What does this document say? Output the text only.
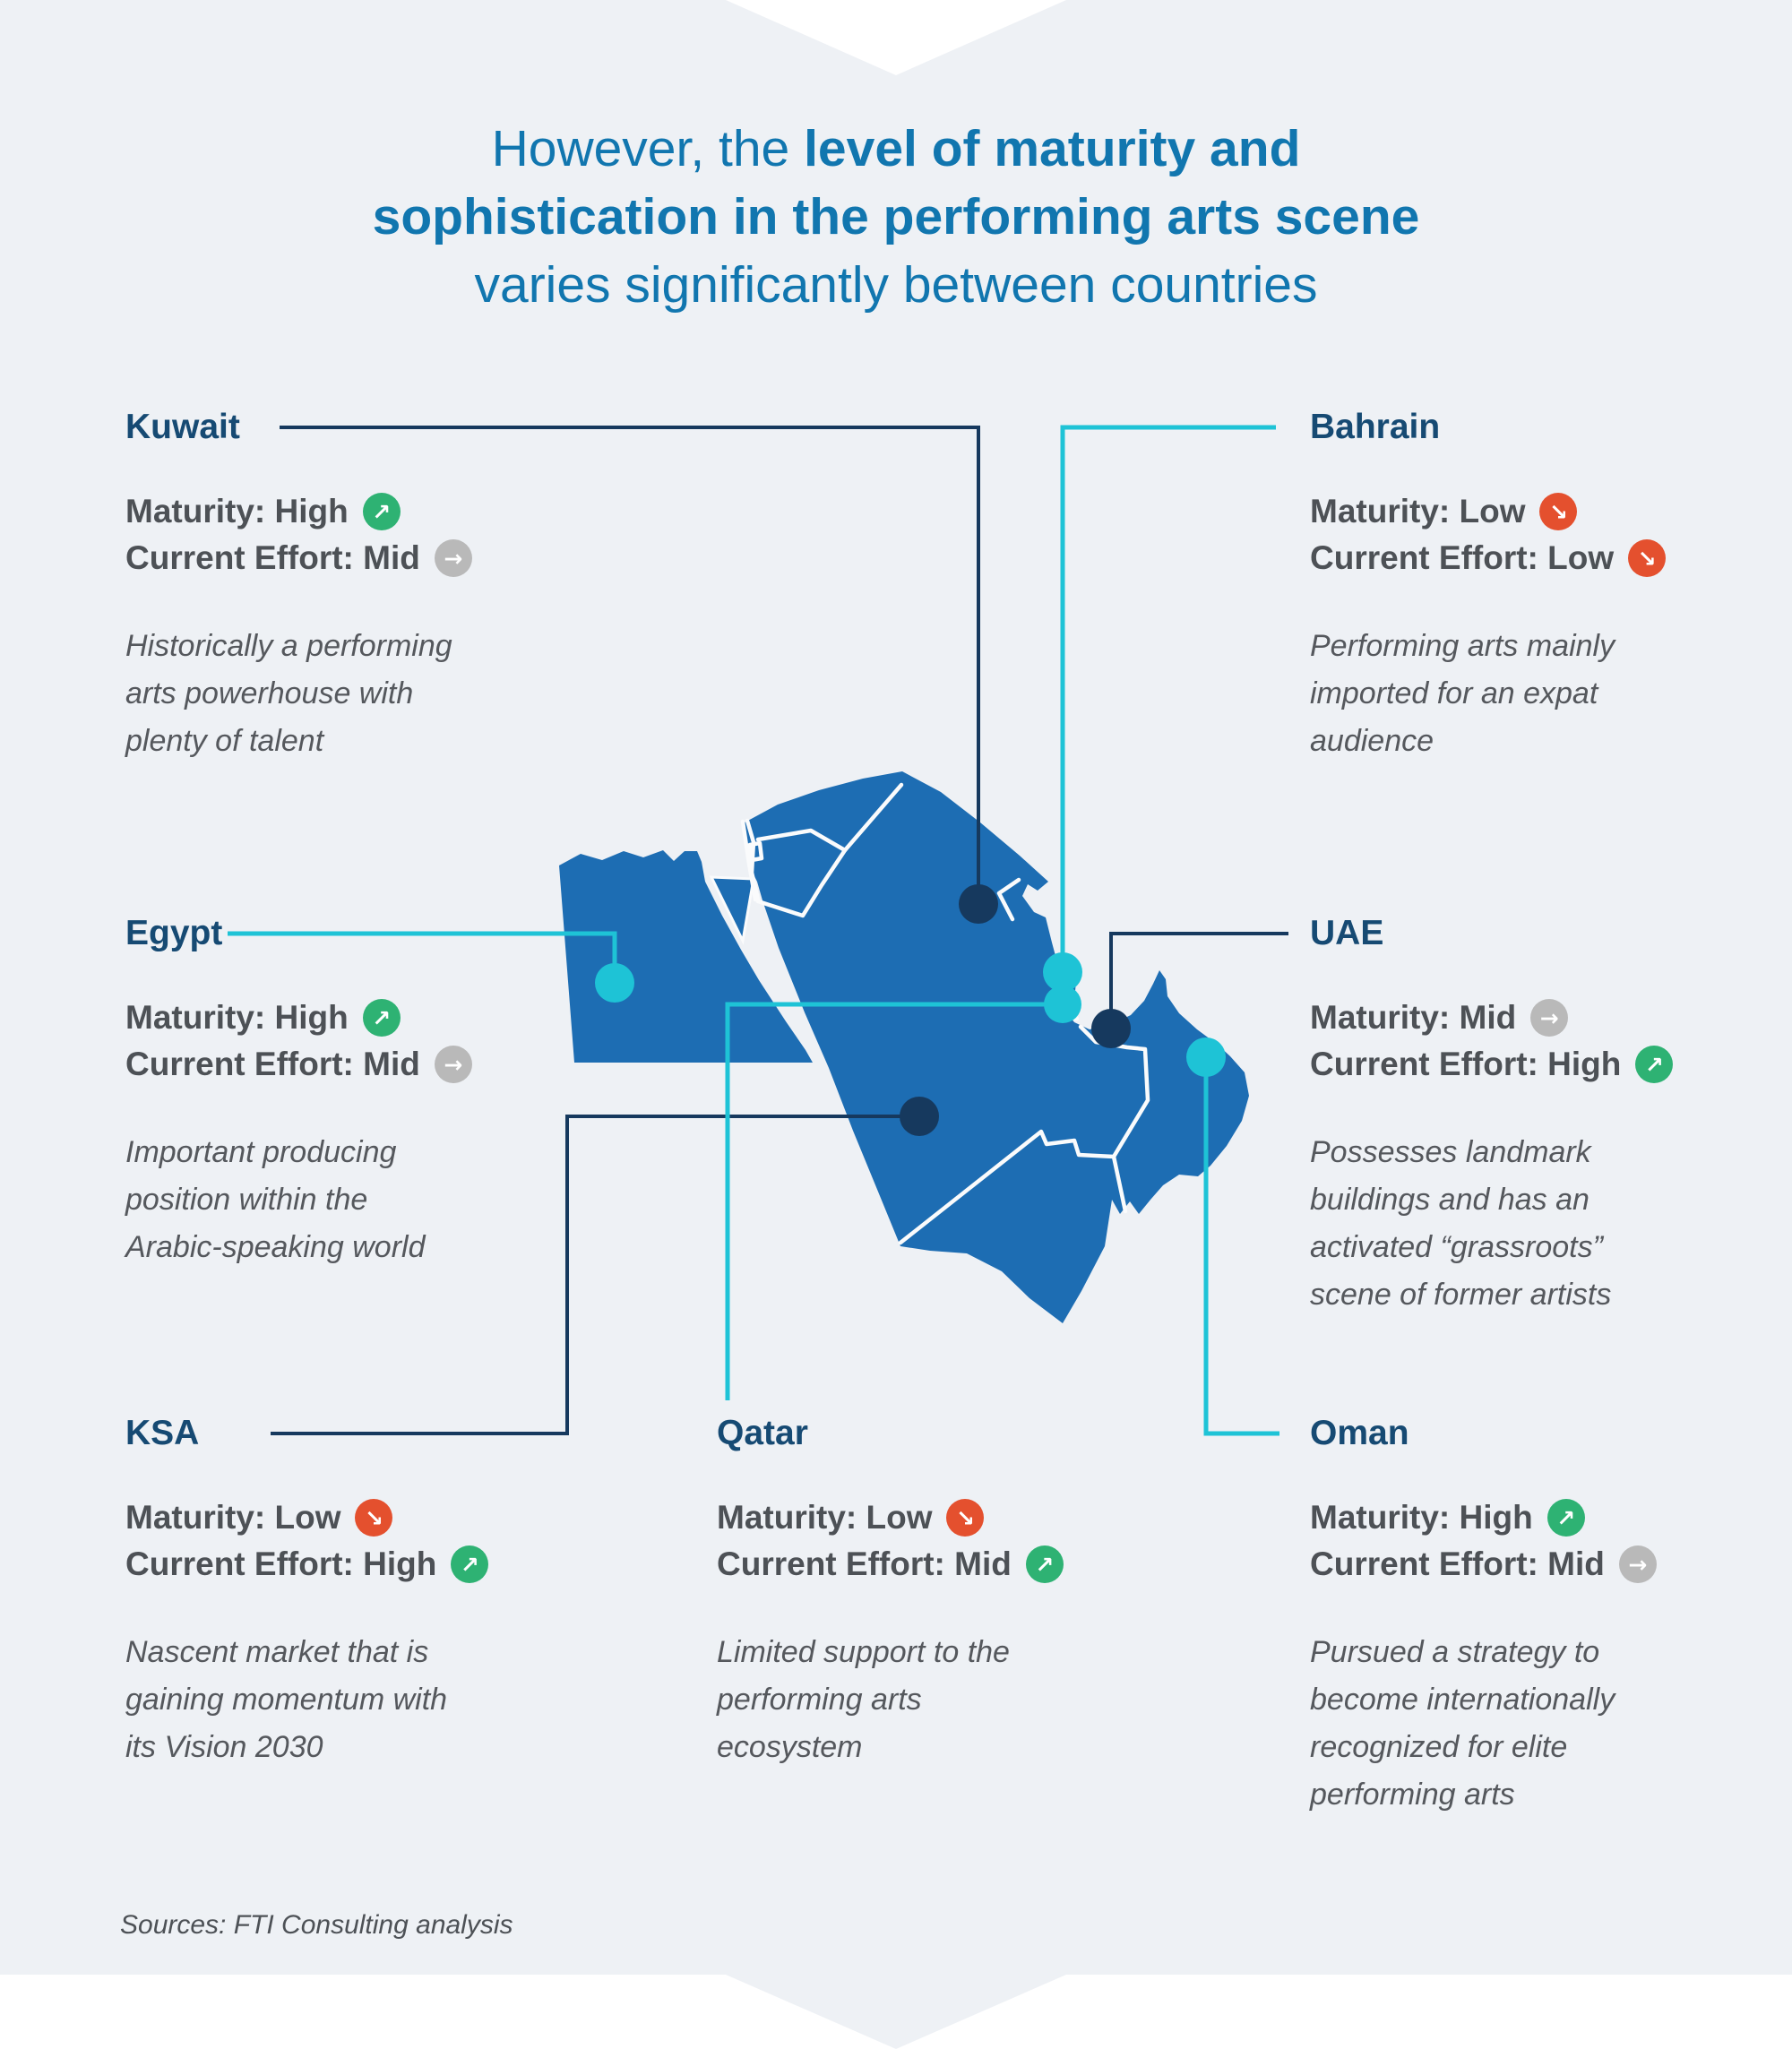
However, the level of maturity and
sophistication in the performing arts scene
varies significantly between countries
Kuwait
Maturity: High	↗
Current Effort: Mid	→
Historically a performing arts powerhouse with plenty of talent
Bahrain
Maturity: Low	↘
Current Effort: Low	↘
Performing arts mainly imported for an expat audience
Egypt
Maturity: High	↗
Current Effort: Mid	→
Important producing position within the Arabic-speaking world
UAE
Maturity: Mid	→
Current Effort: High	↗
Possesses landmark buildings and has an activated “grassroots” scene of former artists
KSA
Maturity: Low	↘
Current Effort: High	↗
Nascent market that is gaining momentum with its Vision 2030
Qatar
Maturity: Low	↘
Current Effort: Mid	↗
Limited support to the performing arts ecosystem
Oman
Maturity: High	↗
Current Effort: Mid	→
Pursued a strategy to become internationally recognized for elite performing arts
Sources: FTI Consulting analysis
